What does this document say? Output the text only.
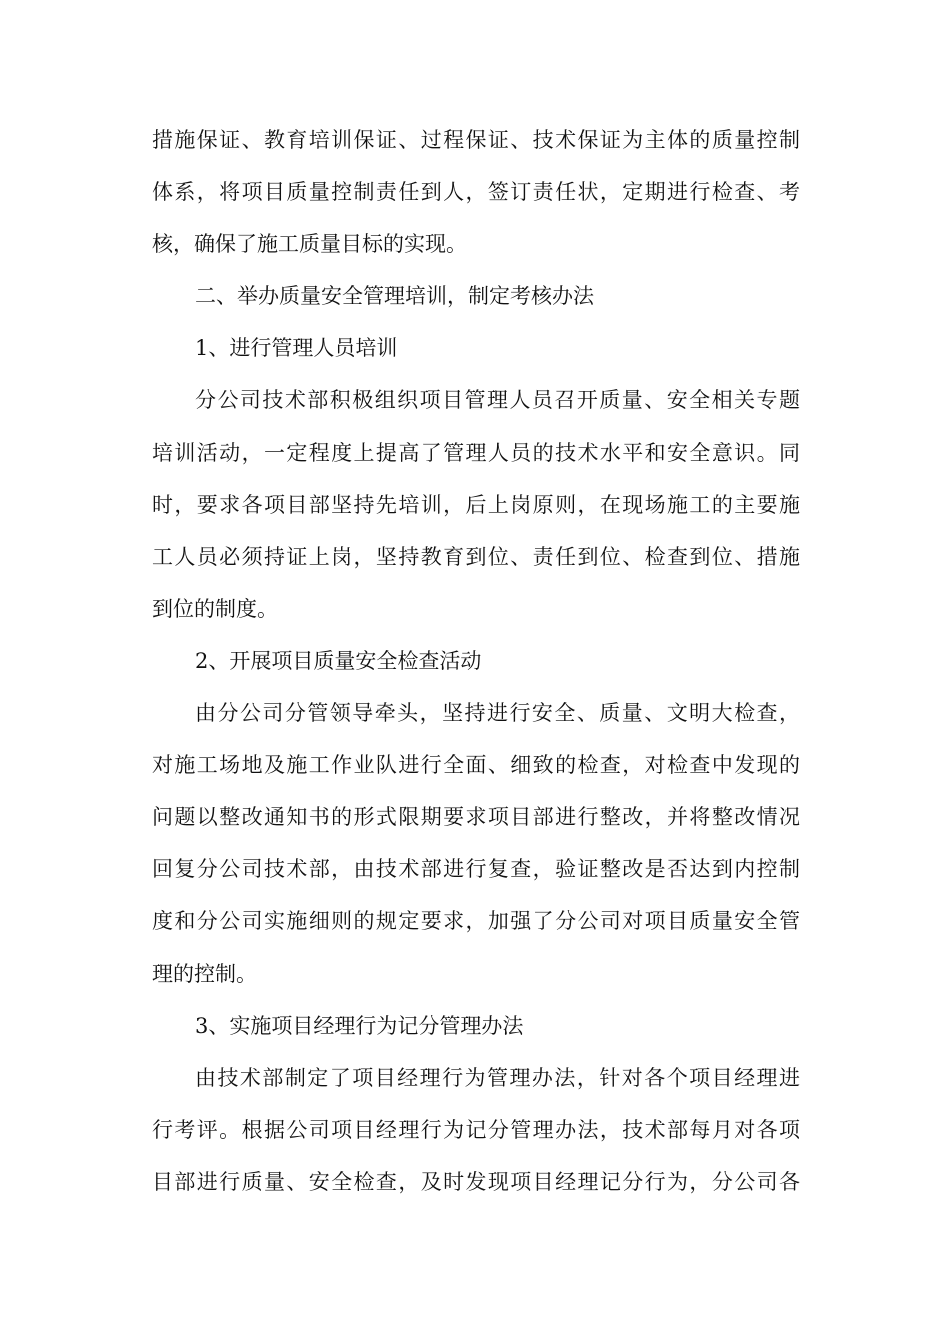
措施保证、教育培训保证、过程保证、技术保证为主体的质量控制
体系，将项目质量控制责任到人，签订责任状，定期进行检查、考
核，确保了施工质量目标的实现。
二、举办质量安全管理培训，制定考核办法
1、进行管理人员培训
分公司技术部积极组织项目管理人员召开质量、安全相关专题
培训活动，一定程度上提高了管理人员的技术水平和安全意识。同
时，要求各项目部坚持先培训，后上岗原则，在现场施工的主要施
工人员必须持证上岗，坚持教育到位、责任到位、检查到位、措施
到位的制度。
2、开展项目质量安全检查活动
由分公司分管领导牵头，坚持进行安全、质量、文明大检查，
对施工场地及施工作业队进行全面、细致的检查，对检查中发现的
问题以整改通知书的形式限期要求项目部进行整改，并将整改情况
回复分公司技术部，由技术部进行复查，验证整改是否达到内控制
度和分公司实施细则的规定要求，加强了分公司对项目质量安全管
理的控制。
3、实施项目经理行为记分管理办法
由技术部制定了项目经理行为管理办法，针对各个项目经理进
行考评。根据公司项目经理行为记分管理办法，技术部每月对各项
目部进行质量、安全检查，及时发现项目经理记分行为，分公司各
